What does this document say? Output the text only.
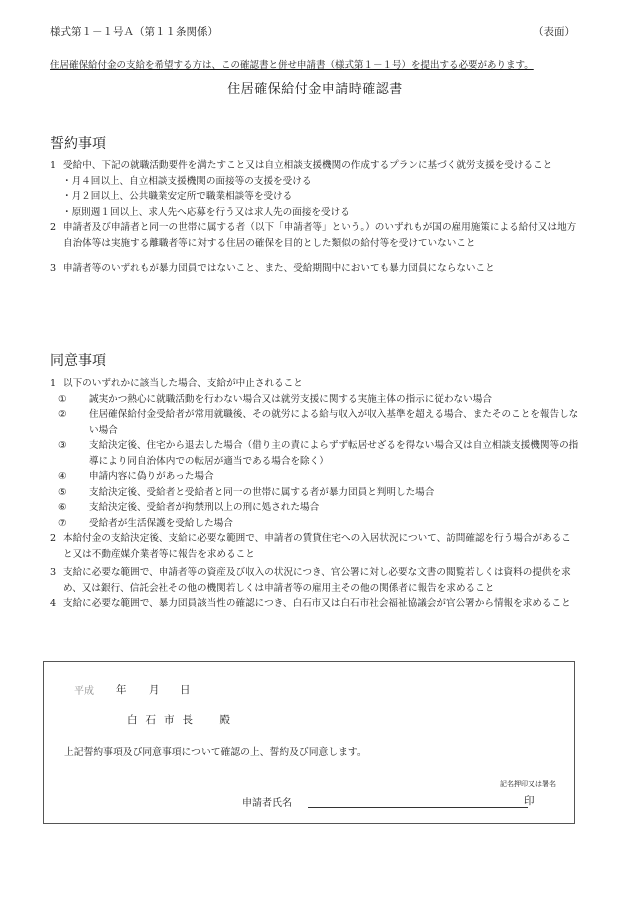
様式第１－１号Ａ（第１１条関係）	（表面）
住居確保給付金の支給を希望する方は、この確認書と併せ申請書（様式第１－１号）を提出する必要があります。
住居確保給付金申請時確認書
誓約事項

1 受給中、下記の就職活動要件を満たすこと又は自立相談支援機関の作成するプランに基づく就労支援を受けること

・月４回以上、自立相談支援機関の面接等の支援を受ける

・月２回以上、公共職業安定所で職業相談等を受ける

・原則週１回以上、求人先へ応募を行う又は求人先の面接を受ける

2 申請者及び申請者と同一の世帯に属する者（以下「申請者等」という。）のいずれもが国の雇用施策による給付又は地方自治体等は実施する離職者等に対する住居の確保を目的とした類似の給付等を受けていないこと

3 申請者等のいずれもが暴力団員ではないこと、また、受給期間中においても暴力団員にならないこと

同意事項

1 以下のいずれかに該当した場合、支給が中止されること

① 誠実かつ熱心に就職活動を行わない場合又は就労支援に関する実施主体の指示に従わない場合

② 住居確保給付金受給者が常用就職後、その就労による給与収入が収入基準を超える場合、またそのことを報告しない場合

③ 支給決定後、住宅から退去した場合（借り主の責によらずず転居せざるを得ない場合又は自立相談支援機関等の指導により同自治体内での転居が適当である場合を除く）

④ 申請内容に偽りがあった場合

⑤ 支給決定後、受給者と受給者と同一の世帯に属する者が暴力団員と判明した場合

⑥ 支給決定後、受給者が拘禁刑以上の刑に処された場合

⑦ 受給者が生活保護を受給した場合

2 本給付金の支給決定後、支給に必要な範囲で、申請者の賃貸住宅への入居状況について、訪問確認を行う場合があること又は不動産媒介業者等に報告を求めること

3 支給に必要な範囲で、申請者等の資産及び収入の状況につき、官公署に対し必要な文書の閲覧若しくは資料の提供を求め、又は銀行、信託会社その他の機関若しくは申請者等の雇用主その他の関係者に報告を求めること

4 支給に必要な範囲で、暴力団員該当性の確認につき、白石市又は白石市社会福祉協議会が官公署から情報を求めること

平成 年 月 日
白石市長　殿
上記誓約事項及び同意事項について確認の上、誓約及び同意します。
記名押印又は署名
申請者氏名	印
